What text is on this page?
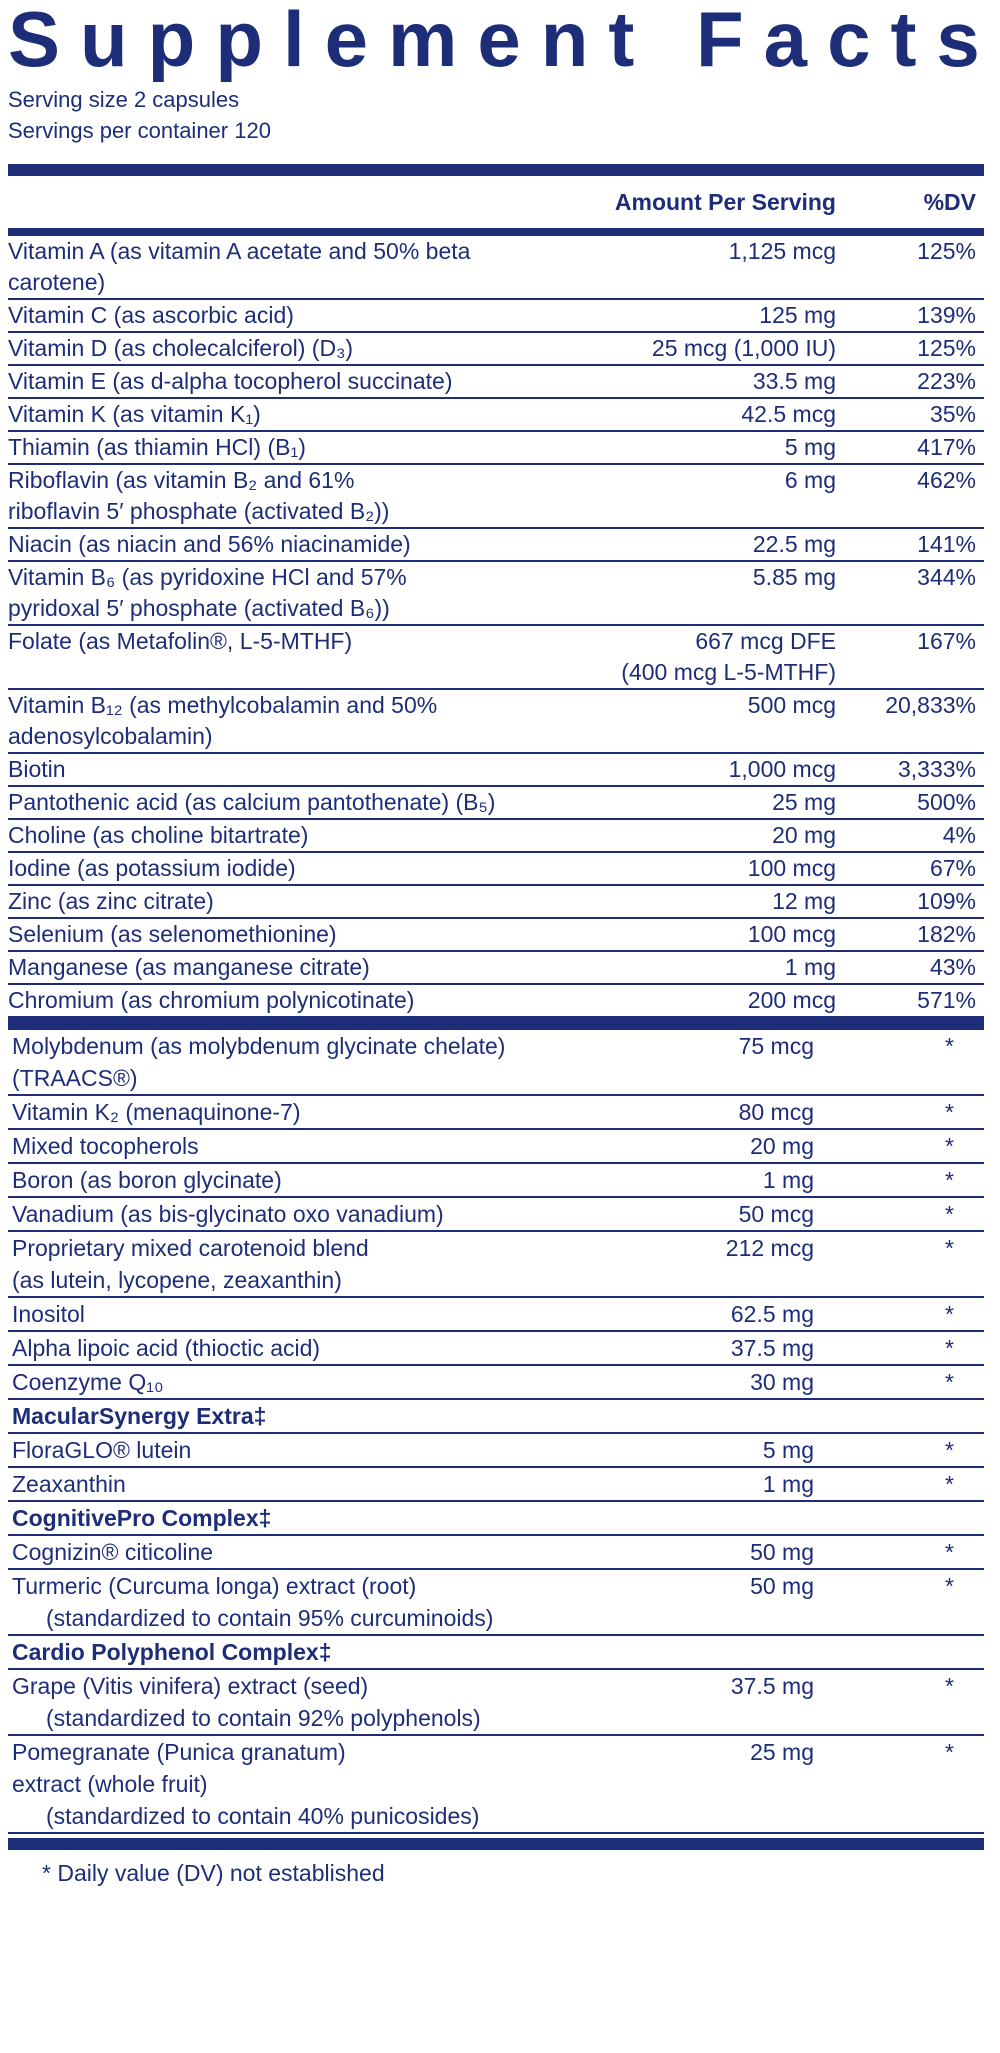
Supplement Facts
Serving size 2 capsules
Servings per container 120
	Amount Per Serving	%DV
Vitamin A (as vitamin A acetate and 50% beta carotene)	1,125 mcg	125%

Vitamin C (as ascorbic acid)	125 mg	139%

Vitamin D (as cholecalciferol) (D₃)	25 mcg (1,000 IU)	125%

Vitamin E (as d-alpha tocopherol succinate)	33.5 mg	223%

Vitamin K (as vitamin K₁)	42.5 mcg	35%

Thiamin (as thiamin HCl) (B₁)	5 mg	417%

Riboflavin (as vitamin B₂ and 61%
riboflavin 5′ phosphate (activated B₂))	6 mg	462%

Niacin (as niacin and 56% niacinamide)	22.5 mg	141%

Vitamin B₆ (as pyridoxine HCl and 57%
pyridoxal 5′ phosphate (activated B₆))	5.85 mg	344%

Folate (as Metafolin®, L-5-MTHF)	667 mcg DFE
(400 mcg L-5-MTHF)	167%

Vitamin B₁₂ (as methylcobalamin and 50% adenosylcobalamin)	500 mcg	20,833%

Biotin	1,000 mcg	3,333%

Pantothenic acid (as calcium pantothenate) (B₅)	25 mg	500%

Choline (as choline bitartrate)	20 mg	4%

Iodine (as potassium iodide)	100 mcg	67%

Zinc (as zinc citrate)	12 mg	109%

Selenium (as selenomethionine)	100 mcg	182%

Manganese (as manganese citrate)	1 mg	43%

Chromium (as chromium polynicotinate)	200 mcg	571%
Molybdenum (as molybdenum glycinate chelate) (TRAACS®)	75 mcg	*

Vitamin K₂ (menaquinone-7)	80 mcg	*

Mixed tocopherols	20 mg	*

Boron (as boron glycinate)	1 mg	*

Vanadium (as bis-glycinato oxo vanadium)	50 mcg	*

Proprietary mixed carotenoid blend
(as lutein, lycopene, zeaxanthin)	212 mcg	*

Inositol	62.5 mg	*

Alpha lipoic acid (thioctic acid)	37.5 mg	*

Coenzyme Q₁₀	30 mg	*
MacularSynergy Extra‡		

FloraGLO® lutein	5 mg	*

Zeaxanthin	1 mg	*
CognitivePro Complex‡		

Cognizin® citicoline	50 mg	*

Turmeric (Curcuma longa) extract (root)
(standardized to contain 95% curcuminoids)	50 mg	*
Cardio Polyphenol Complex‡		

Grape (Vitis vinifera) extract (seed)
(standardized to contain 92% polyphenols)	37.5 mg	*

Pomegranate (Punica granatum)
extract (whole fruit)
(standardized to contain 40% punicosides)	25 mg	*
* Daily value (DV) not established
